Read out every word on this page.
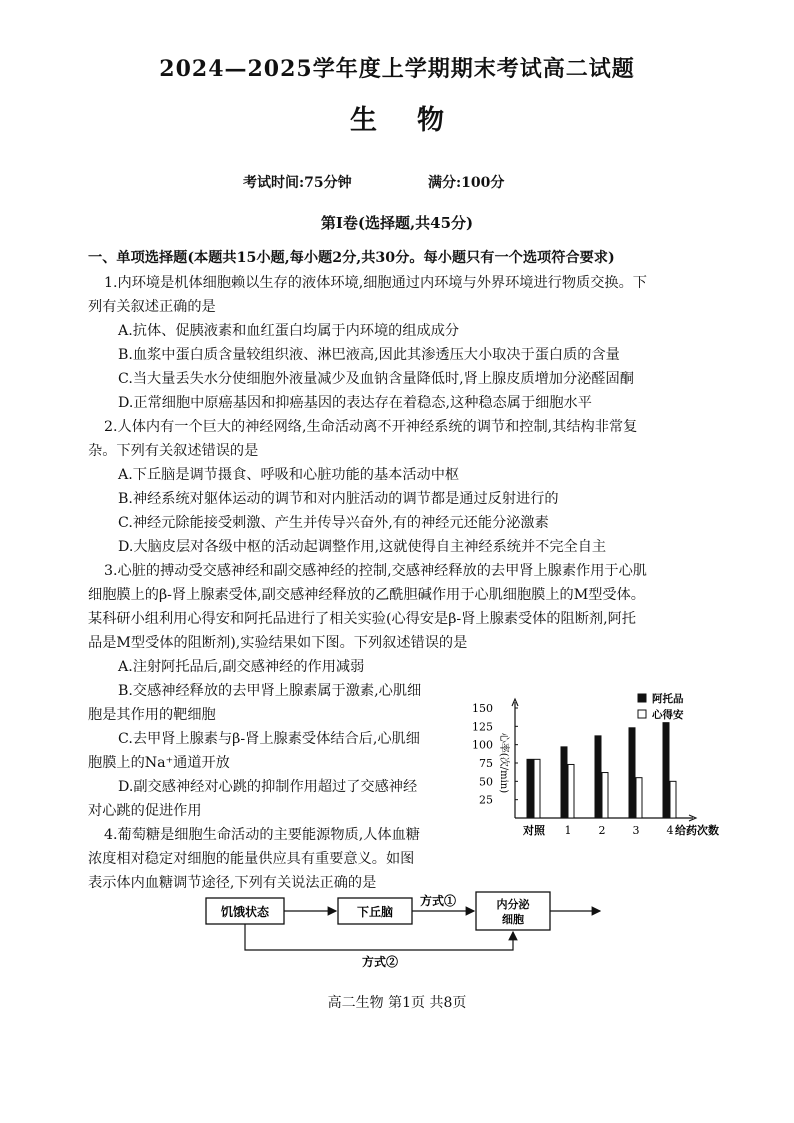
2024—2025学年度上学期期末考试高二试题
生物
考试时间:75分钟	满分:100分
第Ⅰ卷(选择题,共45分)
一、单项选择题(本题共15小题,每小题2分,共30分。每小题只有一个选项符合要求)
1.内环境是机体细胞赖以生存的液体环境,细胞通过内环境与外界环境进行物质交换。下
列有关叙述正确的是
A.抗体、促胰液素和血红蛋白均属于内环境的组成成分
B.血浆中蛋白质含量较组织液、淋巴液高,因此其渗透压大小取决于蛋白质的含量
C.当大量丢失水分使细胞外液量减少及血钠含量降低时,肾上腺皮质增加分泌醛固酮
D.正常细胞中原癌基因和抑癌基因的表达存在着稳态,这种稳态属于细胞水平
2.人体内有一个巨大的神经网络,生命活动离不开神经系统的调节和控制,其结构非常复
杂。下列有关叙述错误的是
A.下丘脑是调节摄食、呼吸和心脏功能的基本活动中枢
B.神经系统对躯体运动的调节和对内脏活动的调节都是通过反射进行的
C.神经元除能接受刺激、产生并传导兴奋外,有的神经元还能分泌激素
D.大脑皮层对各级中枢的活动起调整作用,这就使得自主神经系统并不完全自主
3.心脏的搏动受交感神经和副交感神经的控制,交感神经释放的去甲肾上腺素作用于心肌
细胞膜上的β-肾上腺素受体,副交感神经释放的乙酰胆碱作用于心肌细胞膜上的M型受体。
某科研小组利用心得安和阿托品进行了相关实验(心得安是β-肾上腺素受体的阻断剂,阿托
品是M型受体的阻断剂),实验结果如下图。下列叙述错误的是
A.注射阿托品后,副交感神经的作用减弱
B.交感神经释放的去甲肾上腺素属于激素,心肌细
胞是其作用的靶细胞
C.去甲肾上腺素与β-肾上腺素受体结合后,心肌细
胞膜上的Na⁺通道开放
D.副交感神经对心跳的抑制作用超过了交感神经
对心跳的促进作用
4.葡萄糖是细胞生命活动的主要能源物质,人体血糖
浓度相对稳定对细胞的能量供应具有重要意义。如图
表示体内血糖调节途径,下列有关说法正确的是
25
50
75
100
125
150
心率(次/min)
对照 1 2 3 4 给药次数
阿托品
心得安
饥饿状态	下丘脑
方式①	内分泌
细胞
方式②
高二生物 第1页 共8页
